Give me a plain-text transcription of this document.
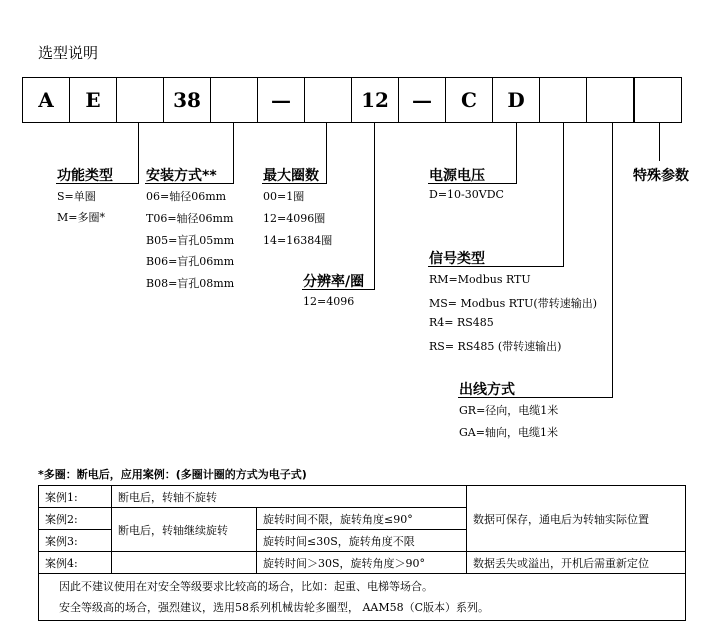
选型说明
A	E	38	—	12	—	C	D
功能类型
S=单圈
M=多圈*
安装方式**
06=轴径06mm
T06=轴径06mm
B05=盲孔05mm
B06=盲孔06mm
B08=盲孔08mm
最大圈数
00=1圈
12=4096圈
14=16384圈
分辨率/圈
12=4096
电源电压
D=10-30VDC
信号类型
RM=Modbus RTU
MS= Modbus RTU(带转速输出)
R4= RS485
RS= RS485 (带转速输出)
出线方式
GR=径向，电缆1米
GA=轴向，电缆1米
特殊参数
*多圈：断电后，应用案例：(多圈计圈的方式为电子式)
案例1:	断电后，转轴不旋转		数据可保存，通电后为转轴实际位置
案例2:	断电后，转轴继续旋转	旋转时间不限，旋转角度≤90°	
案例3:		旋转时间≤30S，旋转角度不限	
案例4:		旋转时间＞30S，旋转角度＞90°	数据丢失或溢出，开机后需重新定位

因此不建议使用在对安全等级要求比较高的场合，比如：起重、电梯等场合。
安全等级高的场合，强烈建议，选用58系列机械齿轮多圈型， AAM58（C版本）系列。			
